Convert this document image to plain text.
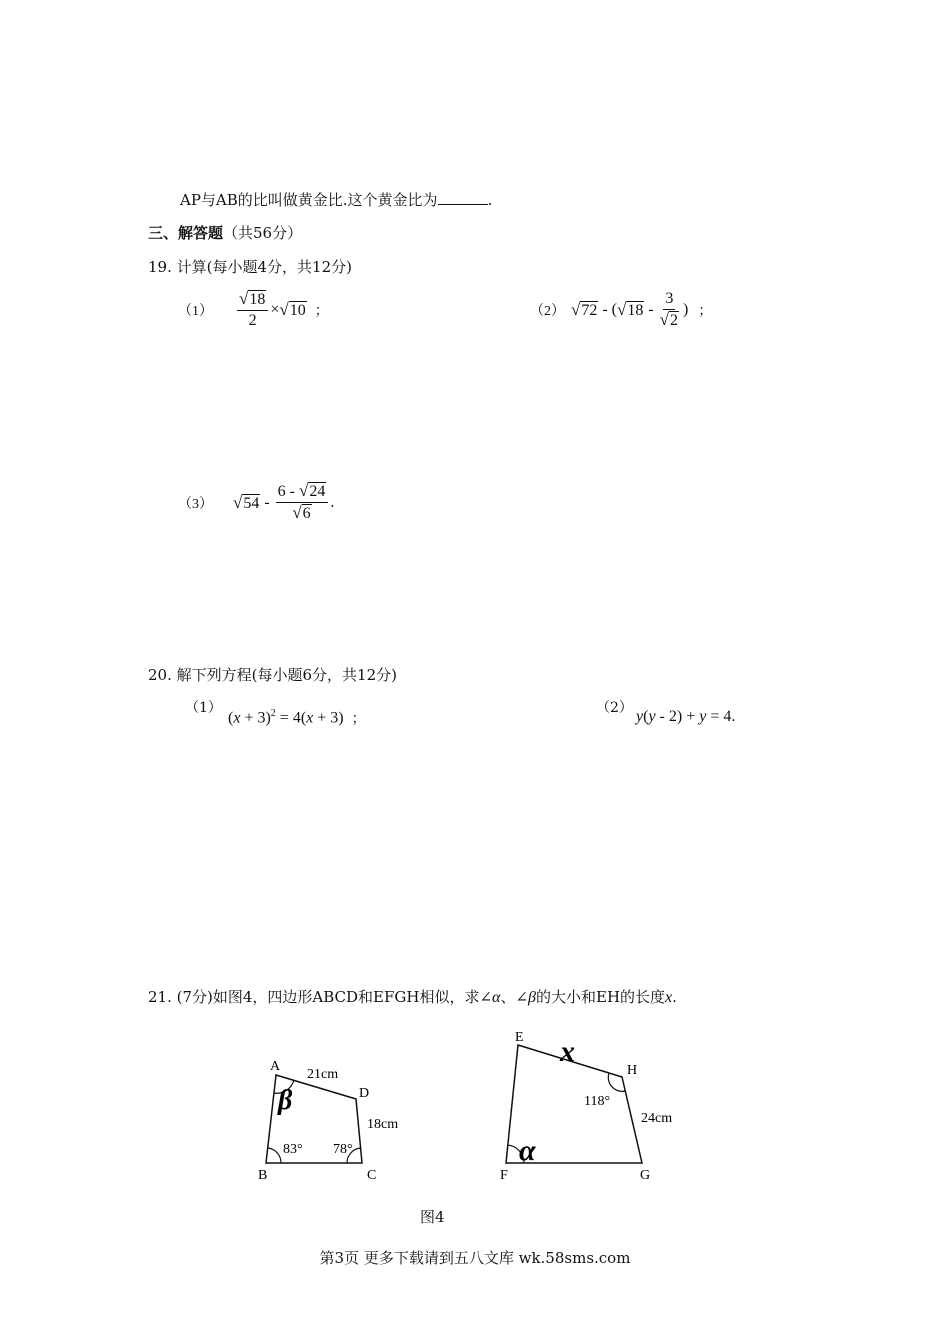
AP与AB的比叫做黄金比.这个黄金比为	.
三、解答题（共56分）
19. 计算(每小题4分，共12分)
$(1) \frac{√ 18}{2}$ × √ 10 ；	（2） √ 72 - ( √ $18 - \frac{3}{√ 2}$ ) ；
（3） √ $54 - \frac{6 - √ 24}{√ 6}$ .
20. 解下列方程(每小题6分，共12分)
（1）
$(x + 3)^2 = 4(x + 3)$ ；
（2） y(y - 2) + y = 4.
21. (7分)如图4，四边形ABCD和EFGH相似，求∠α、∠β的大小和EH的长度x.
A
D
B	C
21cm
18cm
83° 78°
β
E
H
F	G
x
24cm
118°
α
图4
第3页 更多下载请到五八文库 wk.58sms.com
